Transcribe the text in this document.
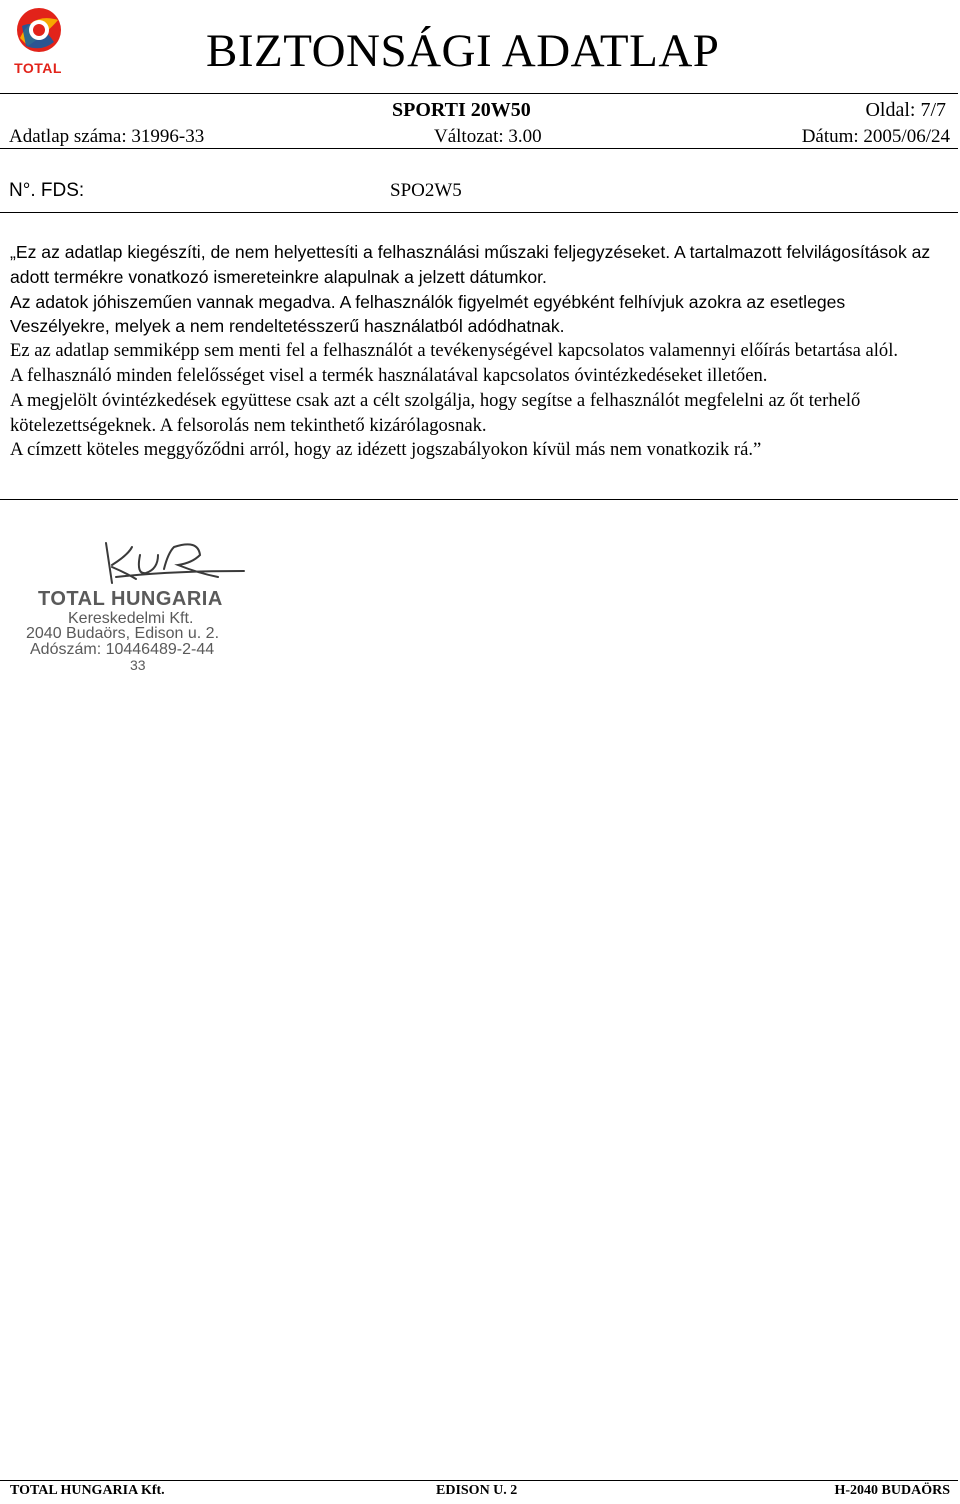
TOTAL	BIZTONSÁGI ADATLAP
SPORTI 20W50	Oldal: 7/7
Adatlap száma: 31996-33	Változat: 3.00	Dátum: 2005/06/24
N°. FDS:	SPO2W5

„Ez az adatlap kiegészíti, de nem helyettesíti a felhasználási műszaki feljegyzéseket. A tartalmazott felvilágosítások az adott termékre vonatkozó ismereteinkre alapulnak a jelzett dátumkor.
Az adatok jóhiszeműen vannak megadva. A felhasználók figyelmét egyébként felhívjuk azokra az esetleges Veszélyekre, melyek a nem rendeltetésszerű használatból adódhatnak.

Ez az adatlap semmiképp sem menti fel a felhasználót a tevékenységével kapcsolatos valamennyi előírás betartása alól.

A felhasználó minden felelősséget visel a termék használatával kapcsolatos óvintézkedéseket illetően.

A megjelölt óvintézkedések együttese csak azt a célt szolgálja, hogy segítse a felhasználót megfelelni az őt terhelő kötelezettségeknek. A felsorolás nem tekinthető kizárólagosnak.

A címzett köteles meggyőződni arról, hogy az idézett jogszabályokon kívül más nem vonatkozik rá.”

TOTAL HUNGARIA
Kereskedelmi Kft.
2040 Budaörs, Edison u. 2.
Adószám: 10446489-2-44
33
TOTAL HUNGARIA Kft.	EDISON U. 2	H-2040 BUDAÖRS
